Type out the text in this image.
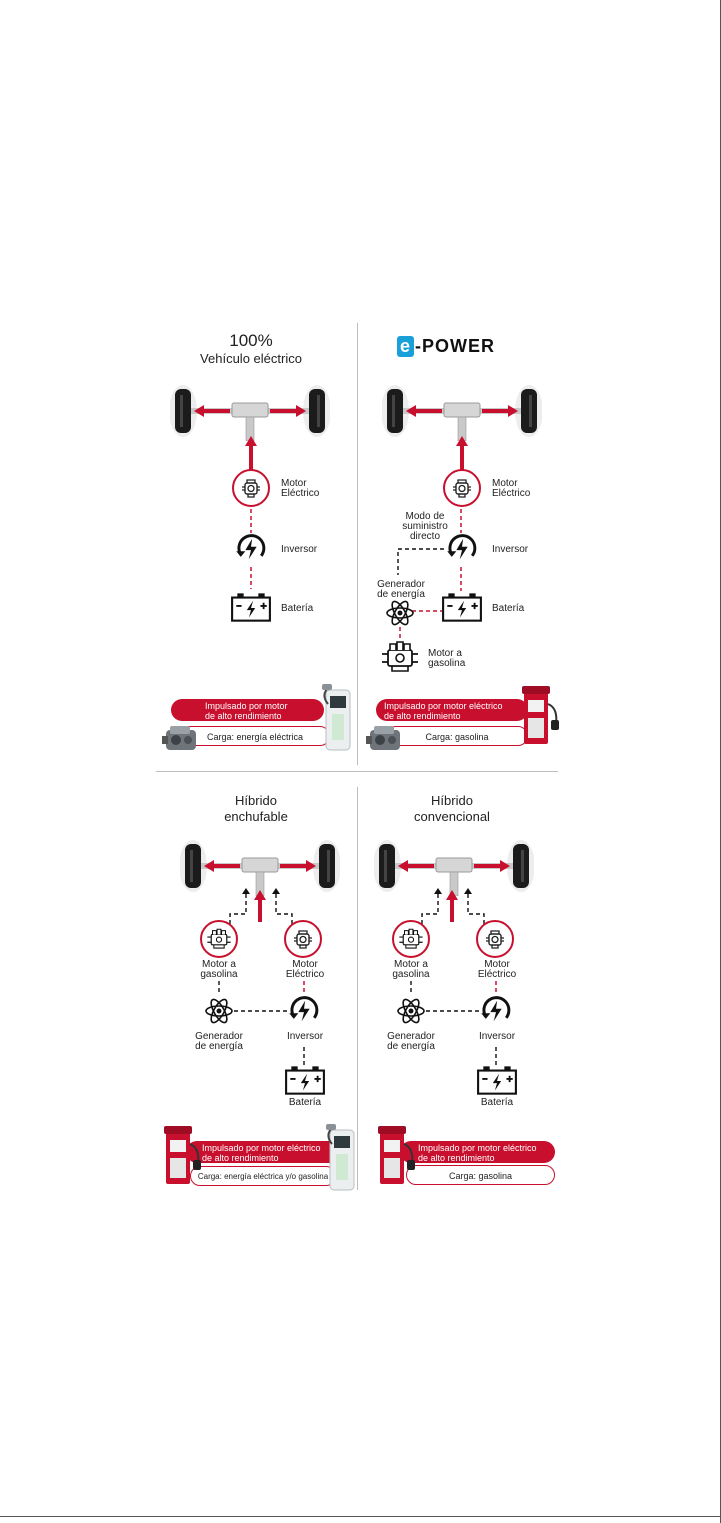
100%
Vehículo eléctrico
Motor
Eléctrico
Inversor
Batería
Impulsado por motor
de alto rendimiento
Carga: energía eléctrica
e -POWER
Motor
Eléctrico
Modo de
suministro
directo
Inversor
Generador
de energía
Batería
Motor a
gasolina
Impulsado por motor eléctrico
de alto rendimiento
Carga: gasolina
Híbrido
enchufable
Motor a
gasolina
Motor
Eléctrico
Generador
de energía
Inversor
Batería
Impulsado por motor eléctrico
de alto rendimiento
Carga: energía eléctrica y/o gasolina
Híbrido
convencional
Motor a
gasolina
Motor
Eléctrico
Generador
de energía
Inversor
Batería
Impulsado por motor eléctrico
de alto rendimiento
Carga: gasolina
